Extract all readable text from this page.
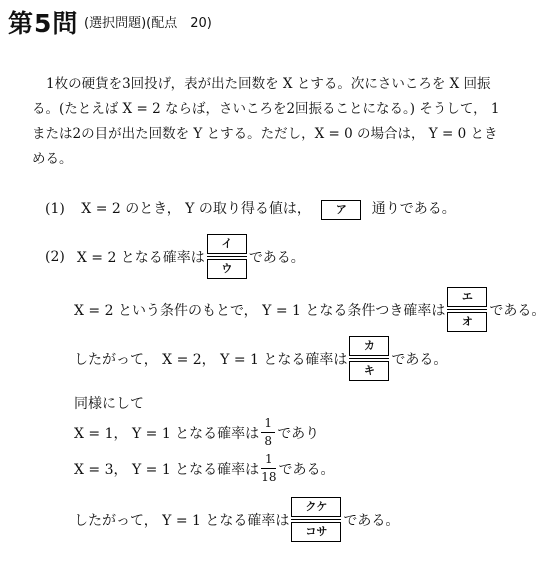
第5問 (選択問題)(配点　20)
1枚の硬貨を3回投げ，表が出た回数を X とする。次にさいころを X 回振
る。(たとえば X = 2 ならば，さいころを2回振ることになる。) そうして， 1
または2の目が出た回数を Y とする。ただし，X = 0 の場合は， Y = 0 とき
める。
(1) X = 2 のとき， Y の取り得る値は， ア 通りである。
(2) X = 2 となる確率は $\frac{\text{イ}}{\text{ウ}}$ である。
X = 2 という条件のもとで， Y = 1 となる条件つき確率は $\frac{\text{エ}}{\text{オ}}$ である。
したがって， X = 2， Y = 1 となる確率は $\frac{\text{カ}}{\text{キ}}$ である。
同様にして
X = 1， Y = 1 となる確率は $\frac{1}{8}$ であり
X = 3， Y = 1 となる確率は $\frac{1}{18}$ である。
したがって， Y = 1 となる確率は $\frac{\text{クケ}}{\text{コサ}}$ である。
